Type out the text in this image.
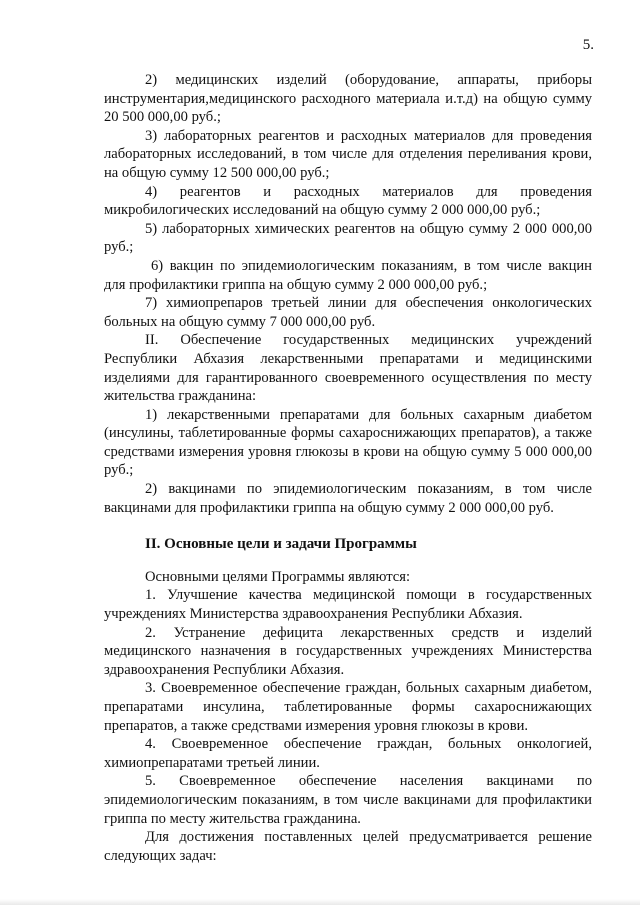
5.

2) медицинских изделий (оборудование, аппараты, приборы инструментария,медицинского расходного материала и.т.д) на общую сумму 20 500 000,00 руб.;

3) лабораторных реагентов и расходных материалов для проведения лабораторных исследований, в том числе для отделения переливания крови, на общую сумму 12 500 000,00 руб.;

4) реагентов и расходных материалов для проведения микробилогических исследований на общую сумму 2 000 000,00 руб.;

5) лабораторных химических реагентов на общую сумму 2 000 000,00 руб.;

6) вакцин по эпидемиологическим показаниям, в том числе вакцин для профилактики гриппа на общую сумму 2 000 000,00 руб.;

7) химиопрепаров третьей линии для обеспечения онкологических больных на общую сумму 7 000 000,00 руб.

II. Обеспечение государственных медицинских учреждений Республики Абхазия лекарственными препаратами и медицинскими изделиями для гарантированного своевременного осуществления по месту жительства гражданина:

1) лекарственными препаратами для больных сахарным диабетом (инсулины, таблетированные формы сахароснижающих препаратов), а также средствами измерения уровня глюкозы в крови на общую сумму 5 000 000,00 руб.;

2) вакцинами по эпидемиологическим показаниям, в том числе вакцинами для профилактики гриппа на общую сумму 2 000 000,00 руб.

II. Основные цели и задачи Программы

Основными целями Программы являются:

1. Улучшение качества медицинской помощи в государственных учреждениях Министерства здравоохранения Республики Абхазия.

2. Устранение дефицита лекарственных средств и изделий медицинского назначения в государственных учреждениях Министерства здравоохранения Республики Абхазия.

3. Своевременное обеспечение граждан, больных сахарным диабетом, препаратами инсулина, таблетированные формы сахароснижающих препаратов, а также средствами измерения уровня глюкозы в крови.

4. Своевременное обеспечение граждан, больных онкологией, химиопрепаратами третьей линии.

5. Своевременное обеспечение населения вакцинами по эпидемиологическим показаниям, в том числе вакцинами для профилактики гриппа по месту жительства гражданина.

Для достижения поставленных целей предусматривается решение следующих задач:
